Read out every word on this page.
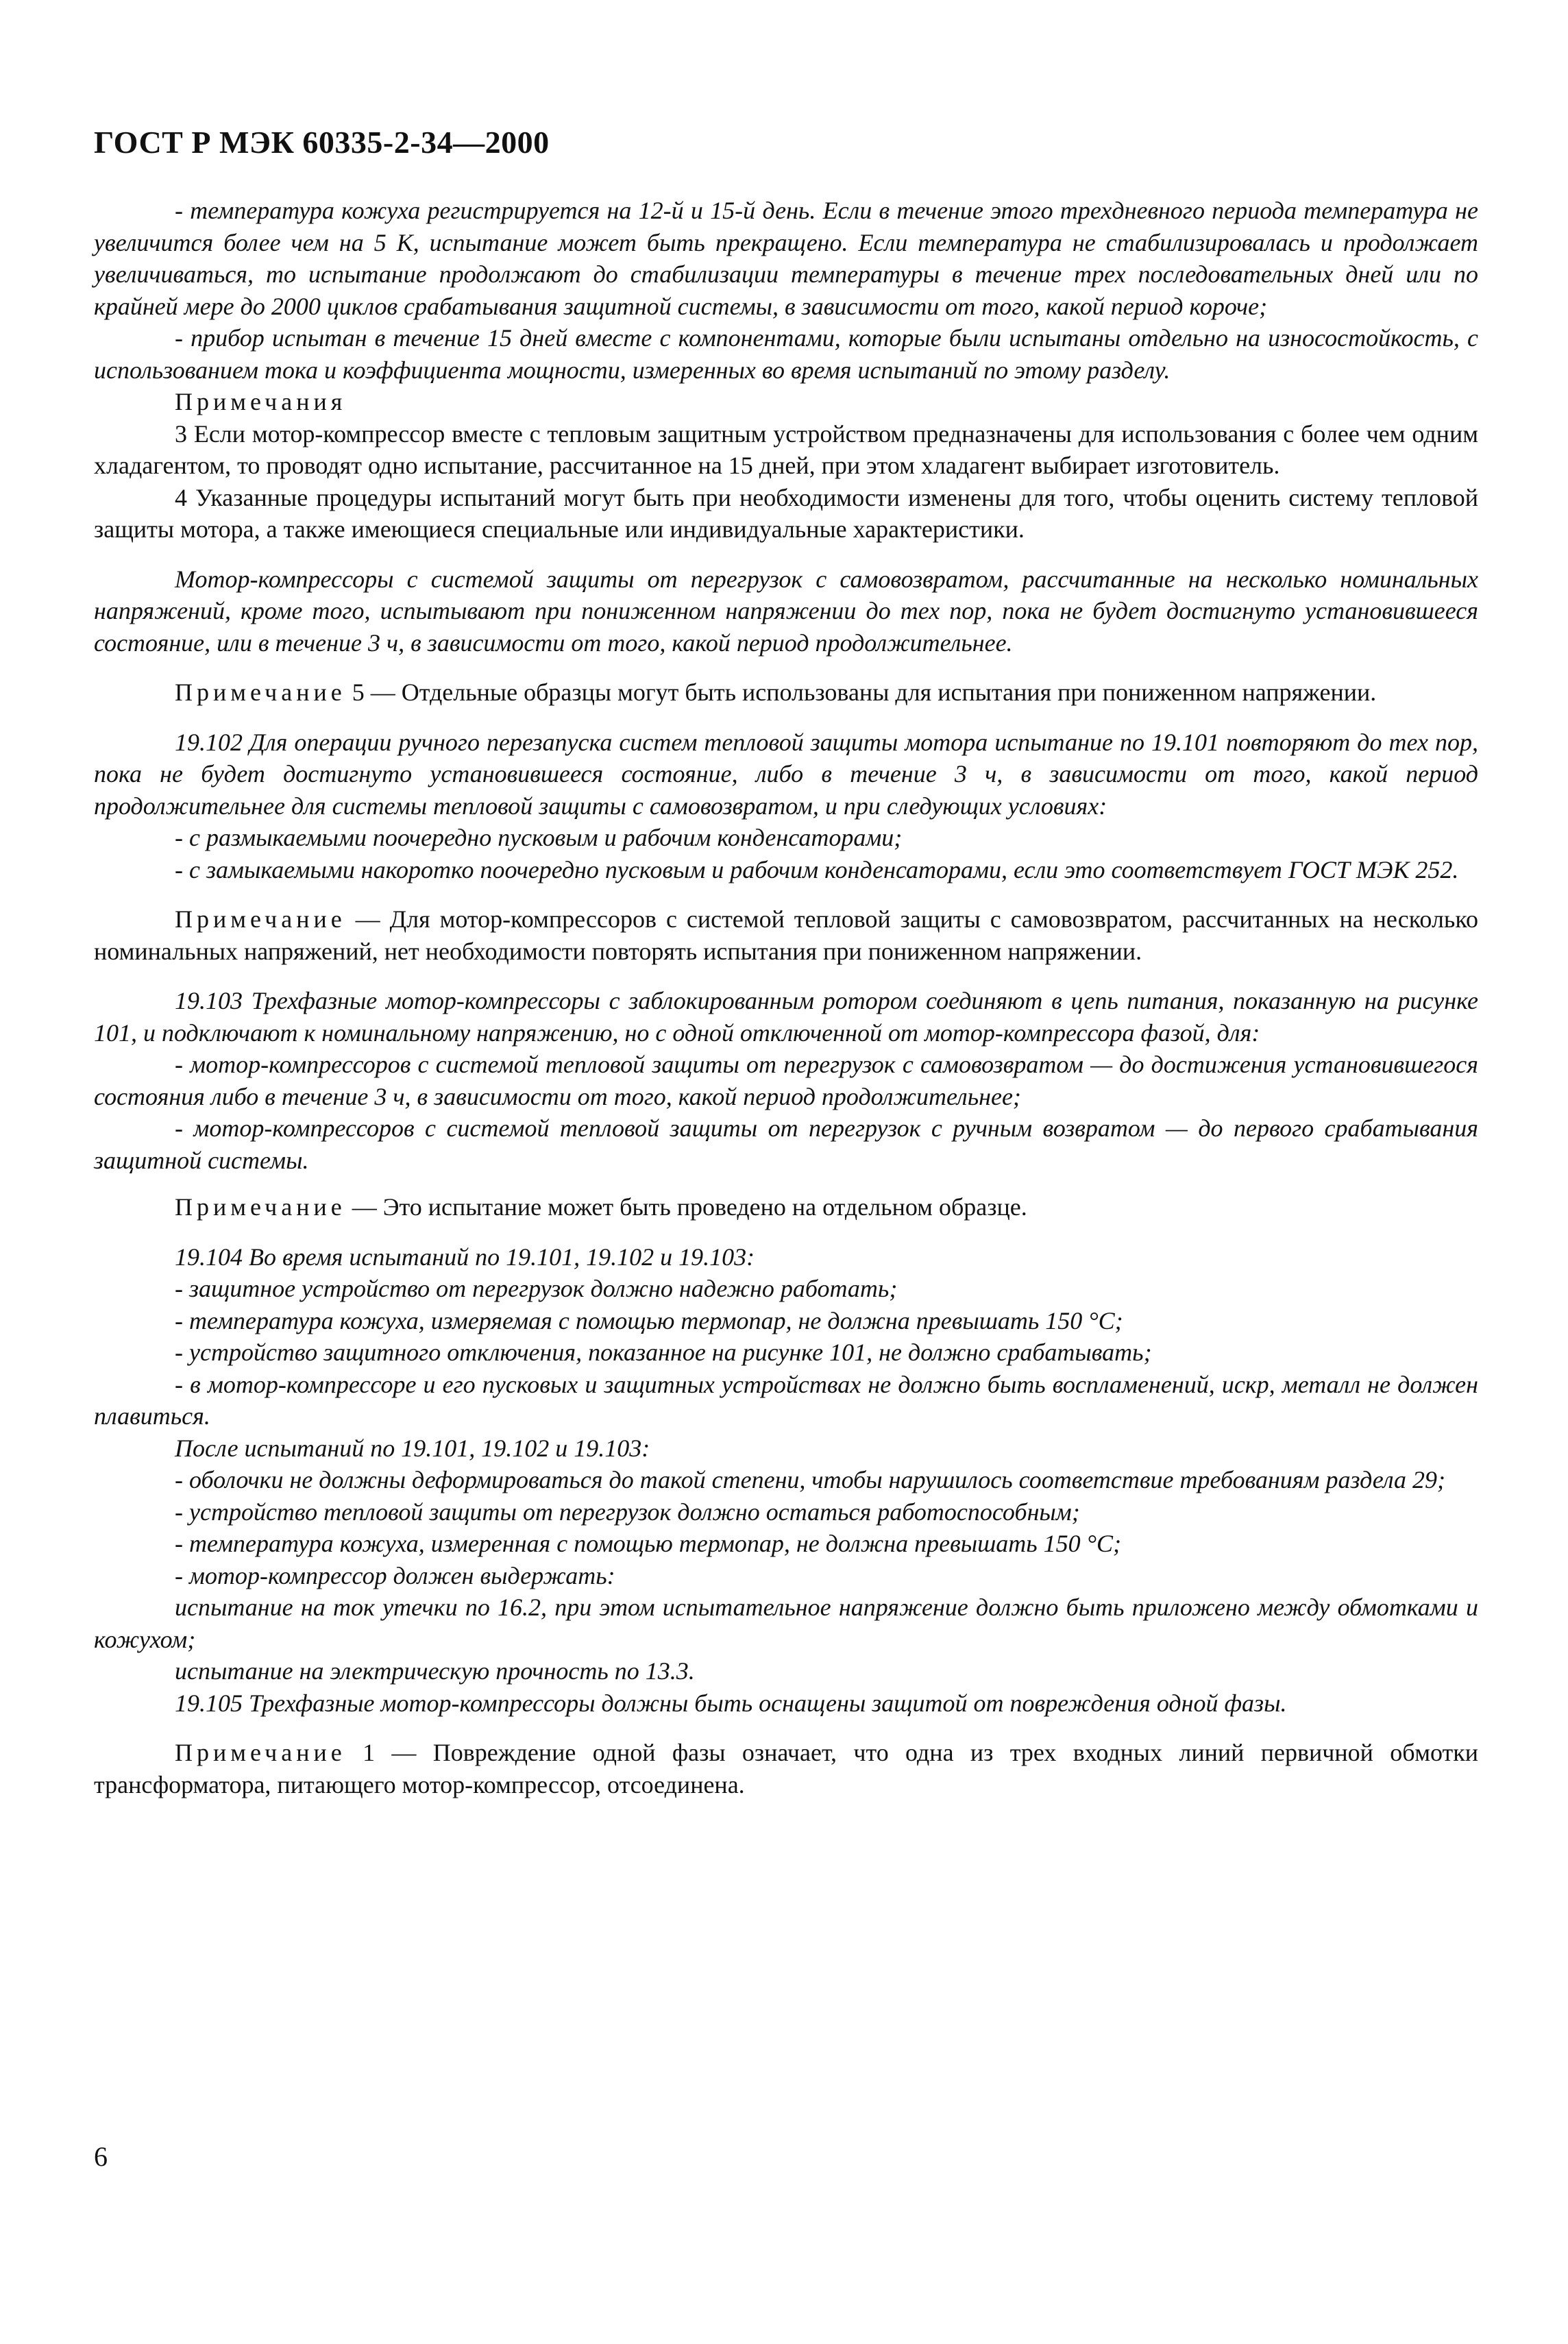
ГОСТ Р МЭК 60335-2-34—2000

- температура кожуха регистрируется на 12-й и 15-й день. Если в течение этого трехдневного периода температура не увеличится более чем на 5 К, испытание может быть прекращено. Если температура не стабилизировалась и продолжает увеличиваться, то испытание продолжают до стабилизации температуры в течение трех последовательных дней или по крайней мере до 2000 циклов срабатывания защитной системы, в зависимости от того, какой период короче;

- прибор испытан в течение 15 дней вместе с компонентами, которые были испытаны отдельно на износостойкость, с использованием тока и коэффициента мощности, измеренных во время испытаний по этому разделу.

Примечания

3 Если мотор-компрессор вместе с тепловым защитным устройством предназначены для использования с более чем одним хладагентом, то проводят одно испытание, рассчитанное на 15 дней, при этом хладагент выбирает изготовитель.

4 Указанные процедуры испытаний могут быть при необходимости изменены для того, чтобы оценить систему тепловой защиты мотора, а также имеющиеся специальные или индивидуальные характеристики.

Мотор-компрессоры с системой защиты от перегрузок с самовозвратом, рассчитанные на несколько номинальных напряжений, кроме того, испытывают при пониженном напряжении до тех пор, пока не будет достигнуто установившееся состояние, или в течение 3 ч, в зависимости от того, какой период продолжительнее.

Примечание 5 — Отдельные образцы могут быть использованы для испытания при пониженном напряжении.

19.102 Для операции ручного перезапуска систем тепловой защиты мотора испытание по 19.101 повторяют до тех пор, пока не будет достигнуто установившееся состояние, либо в течение 3 ч, в зависимости от того, какой период продолжительнее для системы тепловой защиты с самовозвратом, и при следующих условиях:

- с размыкаемыми поочередно пусковым и рабочим конденсаторами;

- с замыкаемыми накоротко поочередно пусковым и рабочим конденсаторами, если это соответствует ГОСТ МЭК 252.

Примечание — Для мотор-компрессоров с системой тепловой защиты с самовозвратом, рассчитанных на несколько номинальных напряжений, нет необходимости повторять испытания при пониженном напряжении.

19.103 Трехфазные мотор-компрессоры с заблокированным ротором соединяют в цепь питания, показанную на рисунке 101, и подключают к номинальному напряжению, но с одной отключенной от мотор-компрессора фазой, для:

- мотор-компрессоров с системой тепловой защиты от перегрузок с самовозвратом — до достижения установившегося состояния либо в течение 3 ч, в зависимости от того, какой период продолжительнее;

- мотор-компрессоров с системой тепловой защиты от перегрузок с ручным возвратом — до первого срабатывания защитной системы.

Примечание — Это испытание может быть проведено на отдельном образце.

19.104 Во время испытаний по 19.101, 19.102 и 19.103:

- защитное устройство от перегрузок должно надежно работать;

- температура кожуха, измеряемая с помощью термопар, не должна превышать 150 °С;

- устройство защитного отключения, показанное на рисунке 101, не должно срабатывать;

- в мотор-компрессоре и его пусковых и защитных устройствах не должно быть воспламенений, искр, металл не должен плавиться.

После испытаний по 19.101, 19.102 и 19.103:

- оболочки не должны деформироваться до такой степени, чтобы нарушилось соответствие требованиям раздела 29;

- устройство тепловой защиты от перегрузок должно остаться работоспособным;

- температура кожуха, измеренная с помощью термопар, не должна превышать 150 °С;

- мотор-компрессор должен выдержать:

испытание на ток утечки по 16.2, при этом испытательное напряжение должно быть приложено между обмотками и кожухом;

испытание на электрическую прочность по 13.3.

19.105 Трехфазные мотор-компрессоры должны быть оснащены защитой от повреждения одной фазы.

Примечание 1 — Повреждение одной фазы означает, что одна из трех входных линий первичной обмотки трансформатора, питающего мотор-компрессор, отсоединена.

6
